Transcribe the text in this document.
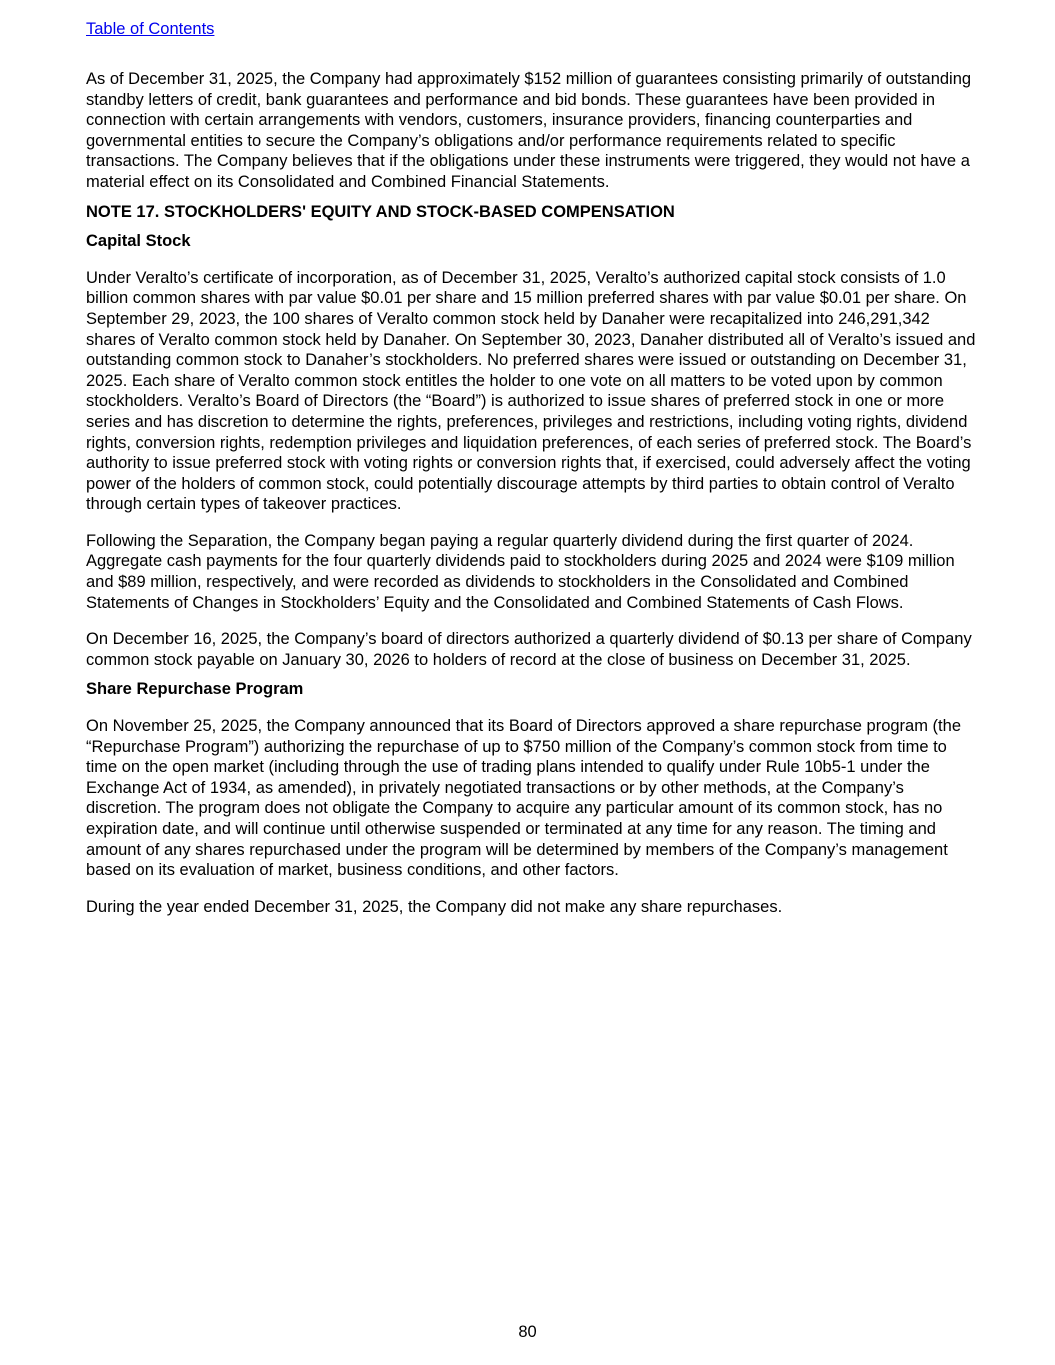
Table of Contents

As of December 31, 2025, the Company had approximately $152 million of guarantees consisting primarily of outstanding standby letters of credit, bank guarantees and performance and bid bonds. These guarantees have been provided in connection with certain arrangements with vendors, customers, insurance providers, financing counterparties and governmental entities to secure the Company’s obligations and/or performance requirements related to specific transactions. The Company believes that if the obligations under these instruments were triggered, they would not have a material effect on its Consolidated and Combined Financial Statements.

NOTE 17. STOCKHOLDERS' EQUITY AND STOCK-BASED COMPENSATION

Capital Stock

Under Veralto’s certificate of incorporation, as of December 31, 2025, Veralto’s authorized capital stock consists of 1.0 billion common shares with par value $0.01 per share and 15 million preferred shares with par value $0.01 per share. On September 29, 2023, the 100 shares of Veralto common stock held by Danaher were recapitalized into 246,291,342 shares of Veralto common stock held by Danaher. On September 30, 2023, Danaher distributed all of Veralto’s issued and outstanding common stock to Danaher’s stockholders. No preferred shares were issued or outstanding on December 31, 2025. Each share of Veralto common stock entitles the holder to one vote on all matters to be voted upon by common stockholders. Veralto’s Board of Directors (the “Board”) is authorized to issue shares of preferred stock in one or more series and has discretion to determine the rights, preferences, privileges and restrictions, including voting rights, dividend rights, conversion rights, redemption privileges and liquidation preferences, of each series of preferred stock. The Board’s authority to issue preferred stock with voting rights or conversion rights that, if exercised, could adversely affect the voting power of the holders of common stock, could potentially discourage attempts by third parties to obtain control of Veralto through certain types of takeover practices.

Following the Separation, the Company began paying a regular quarterly dividend during the first quarter of 2024. Aggregate cash payments for the four quarterly dividends paid to stockholders during 2025 and 2024 were $109 million and $89 million, respectively, and were recorded as dividends to stockholders in the Consolidated and Combined Statements of Changes in Stockholders’ Equity and the Consolidated and Combined Statements of Cash Flows.

On December 16, 2025, the Company’s board of directors authorized a quarterly dividend of $0.13 per share of Company common stock payable on January 30, 2026 to holders of record at the close of business on December 31, 2025.

Share Repurchase Program

On November 25, 2025, the Company announced that its Board of Directors approved a share repurchase program (the “Repurchase Program”) authorizing the repurchase of up to $750 million of the Company’s common stock from time to time on the open market (including through the use of trading plans intended to qualify under Rule 10b5-1 under the Exchange Act of 1934, as amended), in privately negotiated transactions or by other methods, at the Company’s discretion. The program does not obligate the Company to acquire any particular amount of its common stock, has no expiration date, and will continue until otherwise suspended or terminated at any time for any reason. The timing and amount of any shares repurchased under the program will be determined by members of the Company’s management based on its evaluation of market, business conditions, and other factors.

During the year ended December 31, 2025, the Company did not make any share repurchases.

80
